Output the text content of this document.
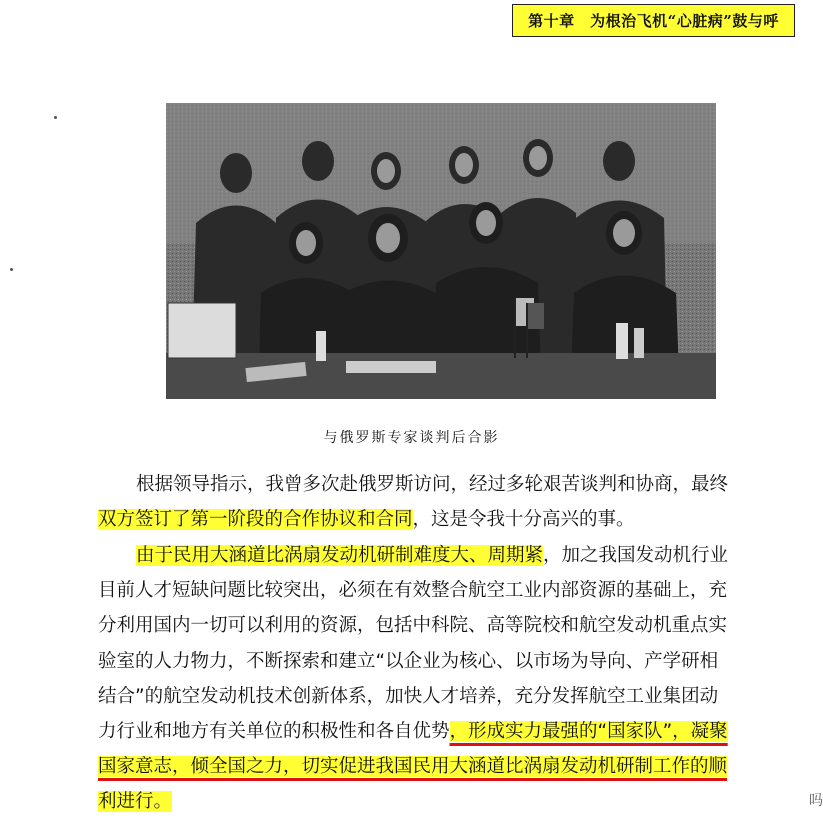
第十章　为根治飞机“心脏病”鼓与呼
与俄罗斯专家谈判后合影
根据领导指示，我曾多次赴俄罗斯访问，经过多轮艰苦谈判和协商，最终
双方签订了第一阶段的合作协议和合同，这是令我十分高兴的事。
由于民用大涵道比涡扇发动机研制难度大、周期紧，加之我国发动机行业
目前人才短缺问题比较突出，必须在有效整合航空工业内部资源的基础上，充
分利用国内一切可以利用的资源，包括中科院、高等院校和航空发动机重点实
验室的人力物力，不断探索和建立“以企业为核心、以市场为导向、产学研相
结合”的航空发动机技术创新体系，加快人才培养，充分发挥航空工业集团动
力行业和地方有关单位的积极性和各自优势，形成实力最强的“国家队”，凝聚
国家意志，倾全国之力，切实促进我国民用大涵道比涡扇发动机研制工作的顺
利进行。	吗
